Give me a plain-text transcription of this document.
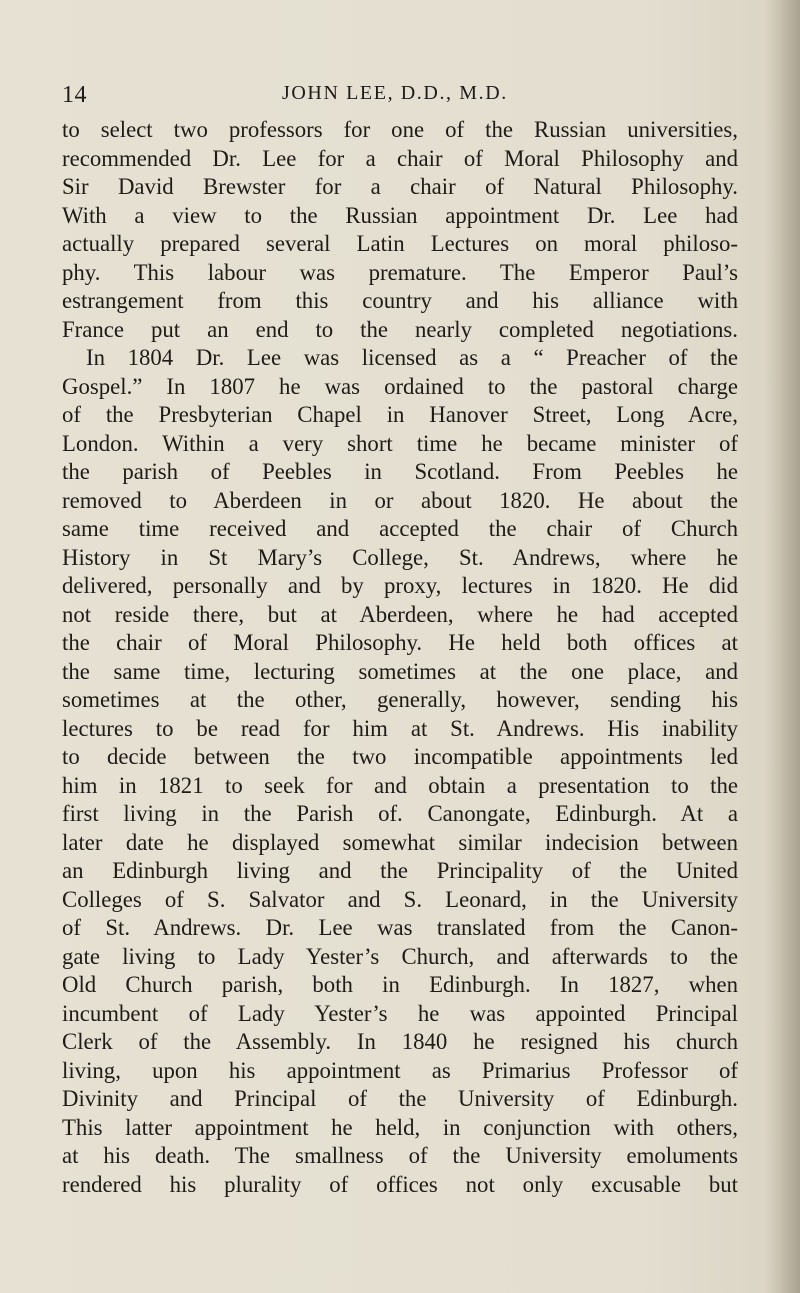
14	JOHN LEE, D.D., M.D.
to select two professors for one of the Russian universities,
recommended Dr. Lee for a chair of Moral Philosophy and
Sir David Brewster for a chair of Natural Philosophy.
With a view to the Russian appointment Dr. Lee had
actually prepared several Latin Lectures on moral philoso-
phy. This labour was premature. The Emperor Paul’s
estrangement from this country and his alliance with
France put an end to the nearly completed negotiations.
In 1804 Dr. Lee was licensed as a “ Preacher of the
Gospel.” In 1807 he was ordained to the pastoral charge
of the Presbyterian Chapel in Hanover Street, Long Acre,
London. Within a very short time he became minister of
the parish of Peebles in Scotland. From Peebles he
removed to Aberdeen in or about 1820. He about the
same time received and accepted the chair of Church
History in St Mary’s College, St. Andrews, where he
delivered, personally and by proxy, lectures in 1820. He did
not reside there, but at Aberdeen, where he had accepted
the chair of Moral Philosophy. He held both offices at
the same time, lecturing sometimes at the one place, and
sometimes at the other, generally, however, sending his
lectures to be read for him at St. Andrews. His inability
to decide between the two incompatible appointments led
him in 1821 to seek for and obtain a presentation to the
first living in the Parish of. Canongate, Edinburgh. At a
later date he displayed somewhat similar indecision between
an Edinburgh living and the Principality of the United
Colleges of S. Salvator and S. Leonard, in the University
of St. Andrews. Dr. Lee was translated from the Canon-
gate living to Lady Yester’s Church, and afterwards to the
Old Church parish, both in Edinburgh. In 1827, when
incumbent of Lady Yester’s he was appointed Principal
Clerk of the Assembly. In 1840 he resigned his church
living, upon his appointment as Primarius Professor of
Divinity and Principal of the University of Edinburgh.
This latter appointment he held, in conjunction with others,
at his death. The smallness of the University emoluments
rendered his plurality of offices not only excusable but
